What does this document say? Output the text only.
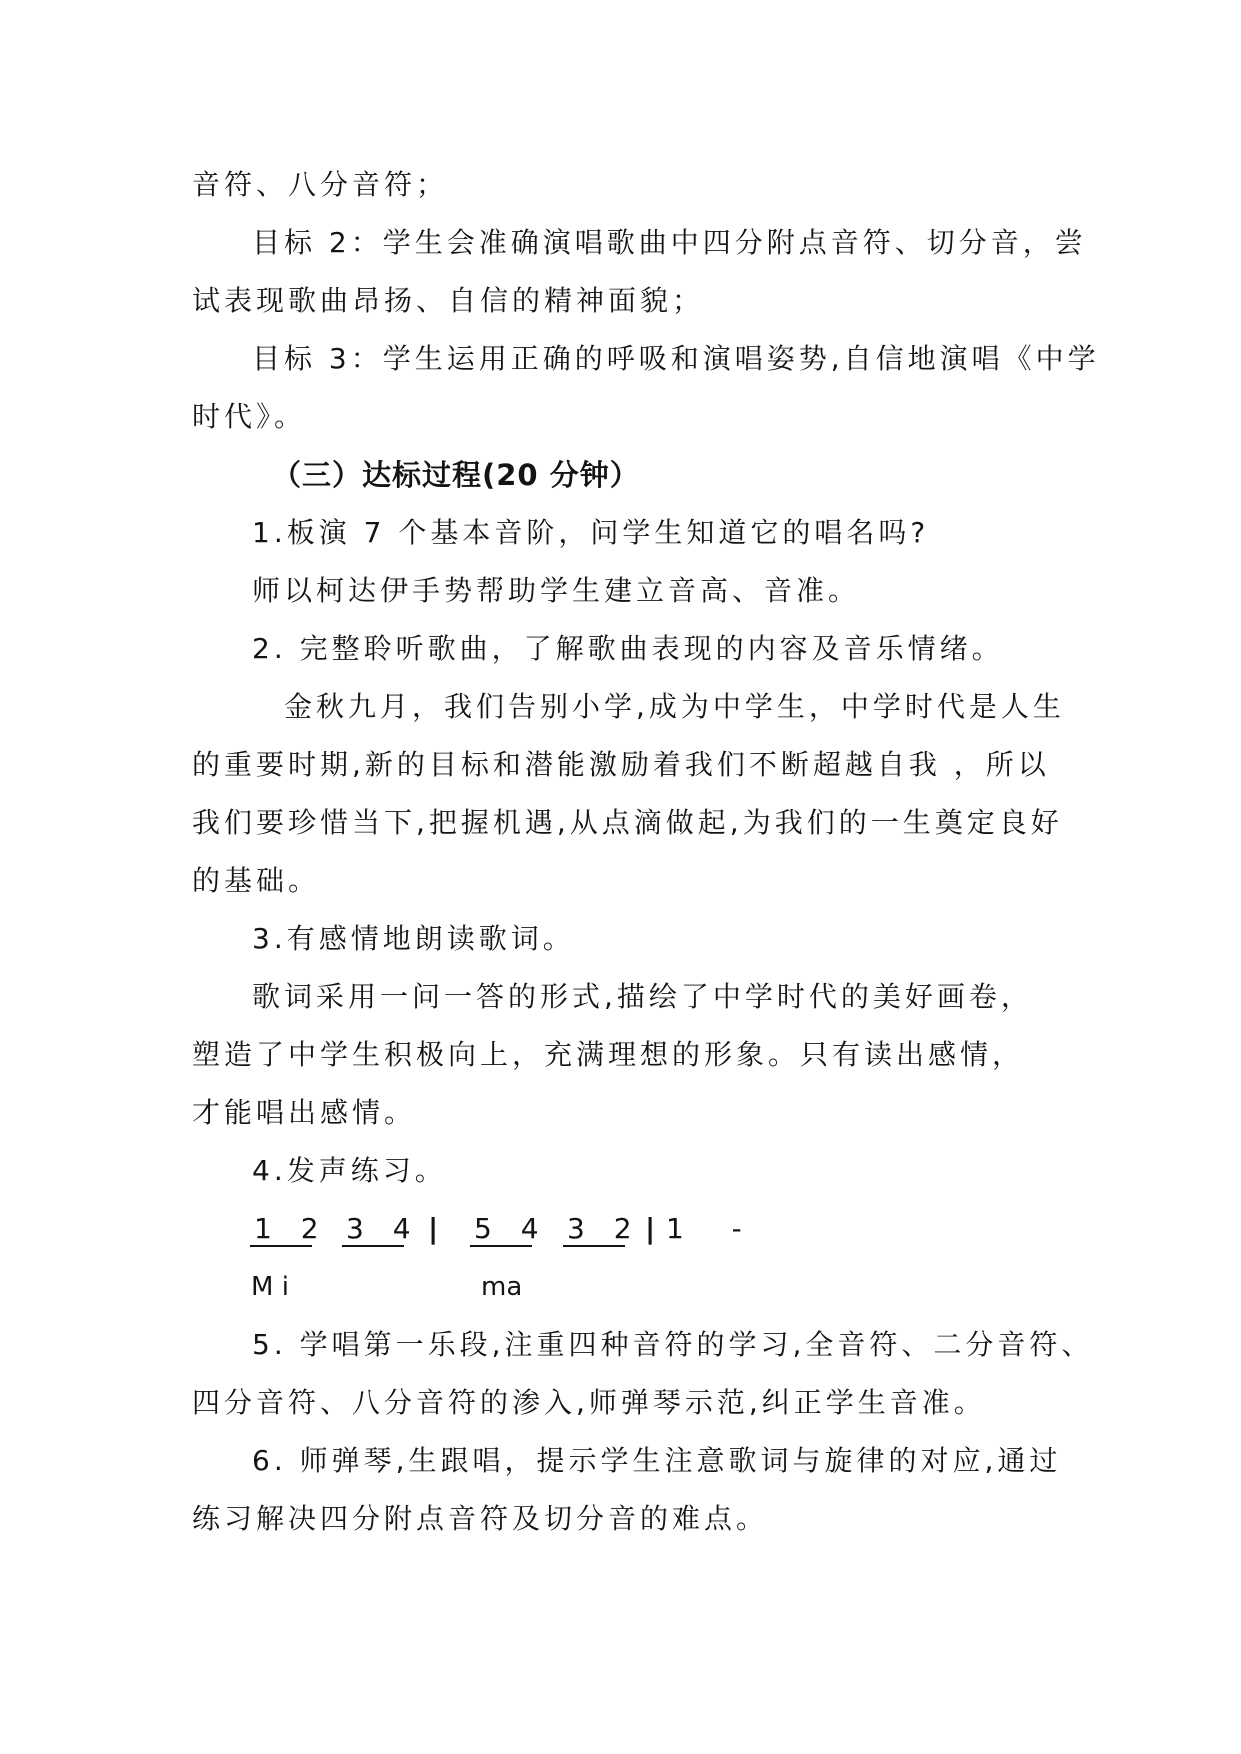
音符、八分音符；
目标 2：学生会准确演唱歌曲中四分附点音符、切分音，尝
试表现歌曲昂扬、自信的精神面貌；
目标 3：学生运用正确的呼吸和演唱姿势,自信地演唱《中学
时代》。
（三）达标过程(20 分钟）
1.板演 7 个基本音阶，问学生知道它的唱名吗?
师以柯达伊手势帮助学生建立音高、音准。
2. 完整聆听歌曲，了解歌曲表现的内容及音乐情绪。
金秋九月，我们告别小学,成为中学生，中学时代是人生
的重要时期,新的目标和潜能激励着我们不断超越自我 ，所以
我们要珍惜当下,把握机遇,从点滴做起,为我们的一生奠定良好
的基础。
3.有感情地朗读歌词。
歌词采用一问一答的形式,描绘了中学时代的美好画卷，
塑造了中学生积极向上，充满理想的形象。只有读出感情，
才能唱出感情。
4.发声练习。

1 2

3 4

|

5 4

3 2

|

1  -

M i

	ma

5. 学唱第一乐段,注重四种音符的学习,全音符、二分音符、
四分音符、八分音符的渗入,师弹琴示范,纠正学生音准。
6. 师弹琴,生跟唱，提示学生注意歌词与旋律的对应,通过
练习解决四分附点音符及切分音的难点。
